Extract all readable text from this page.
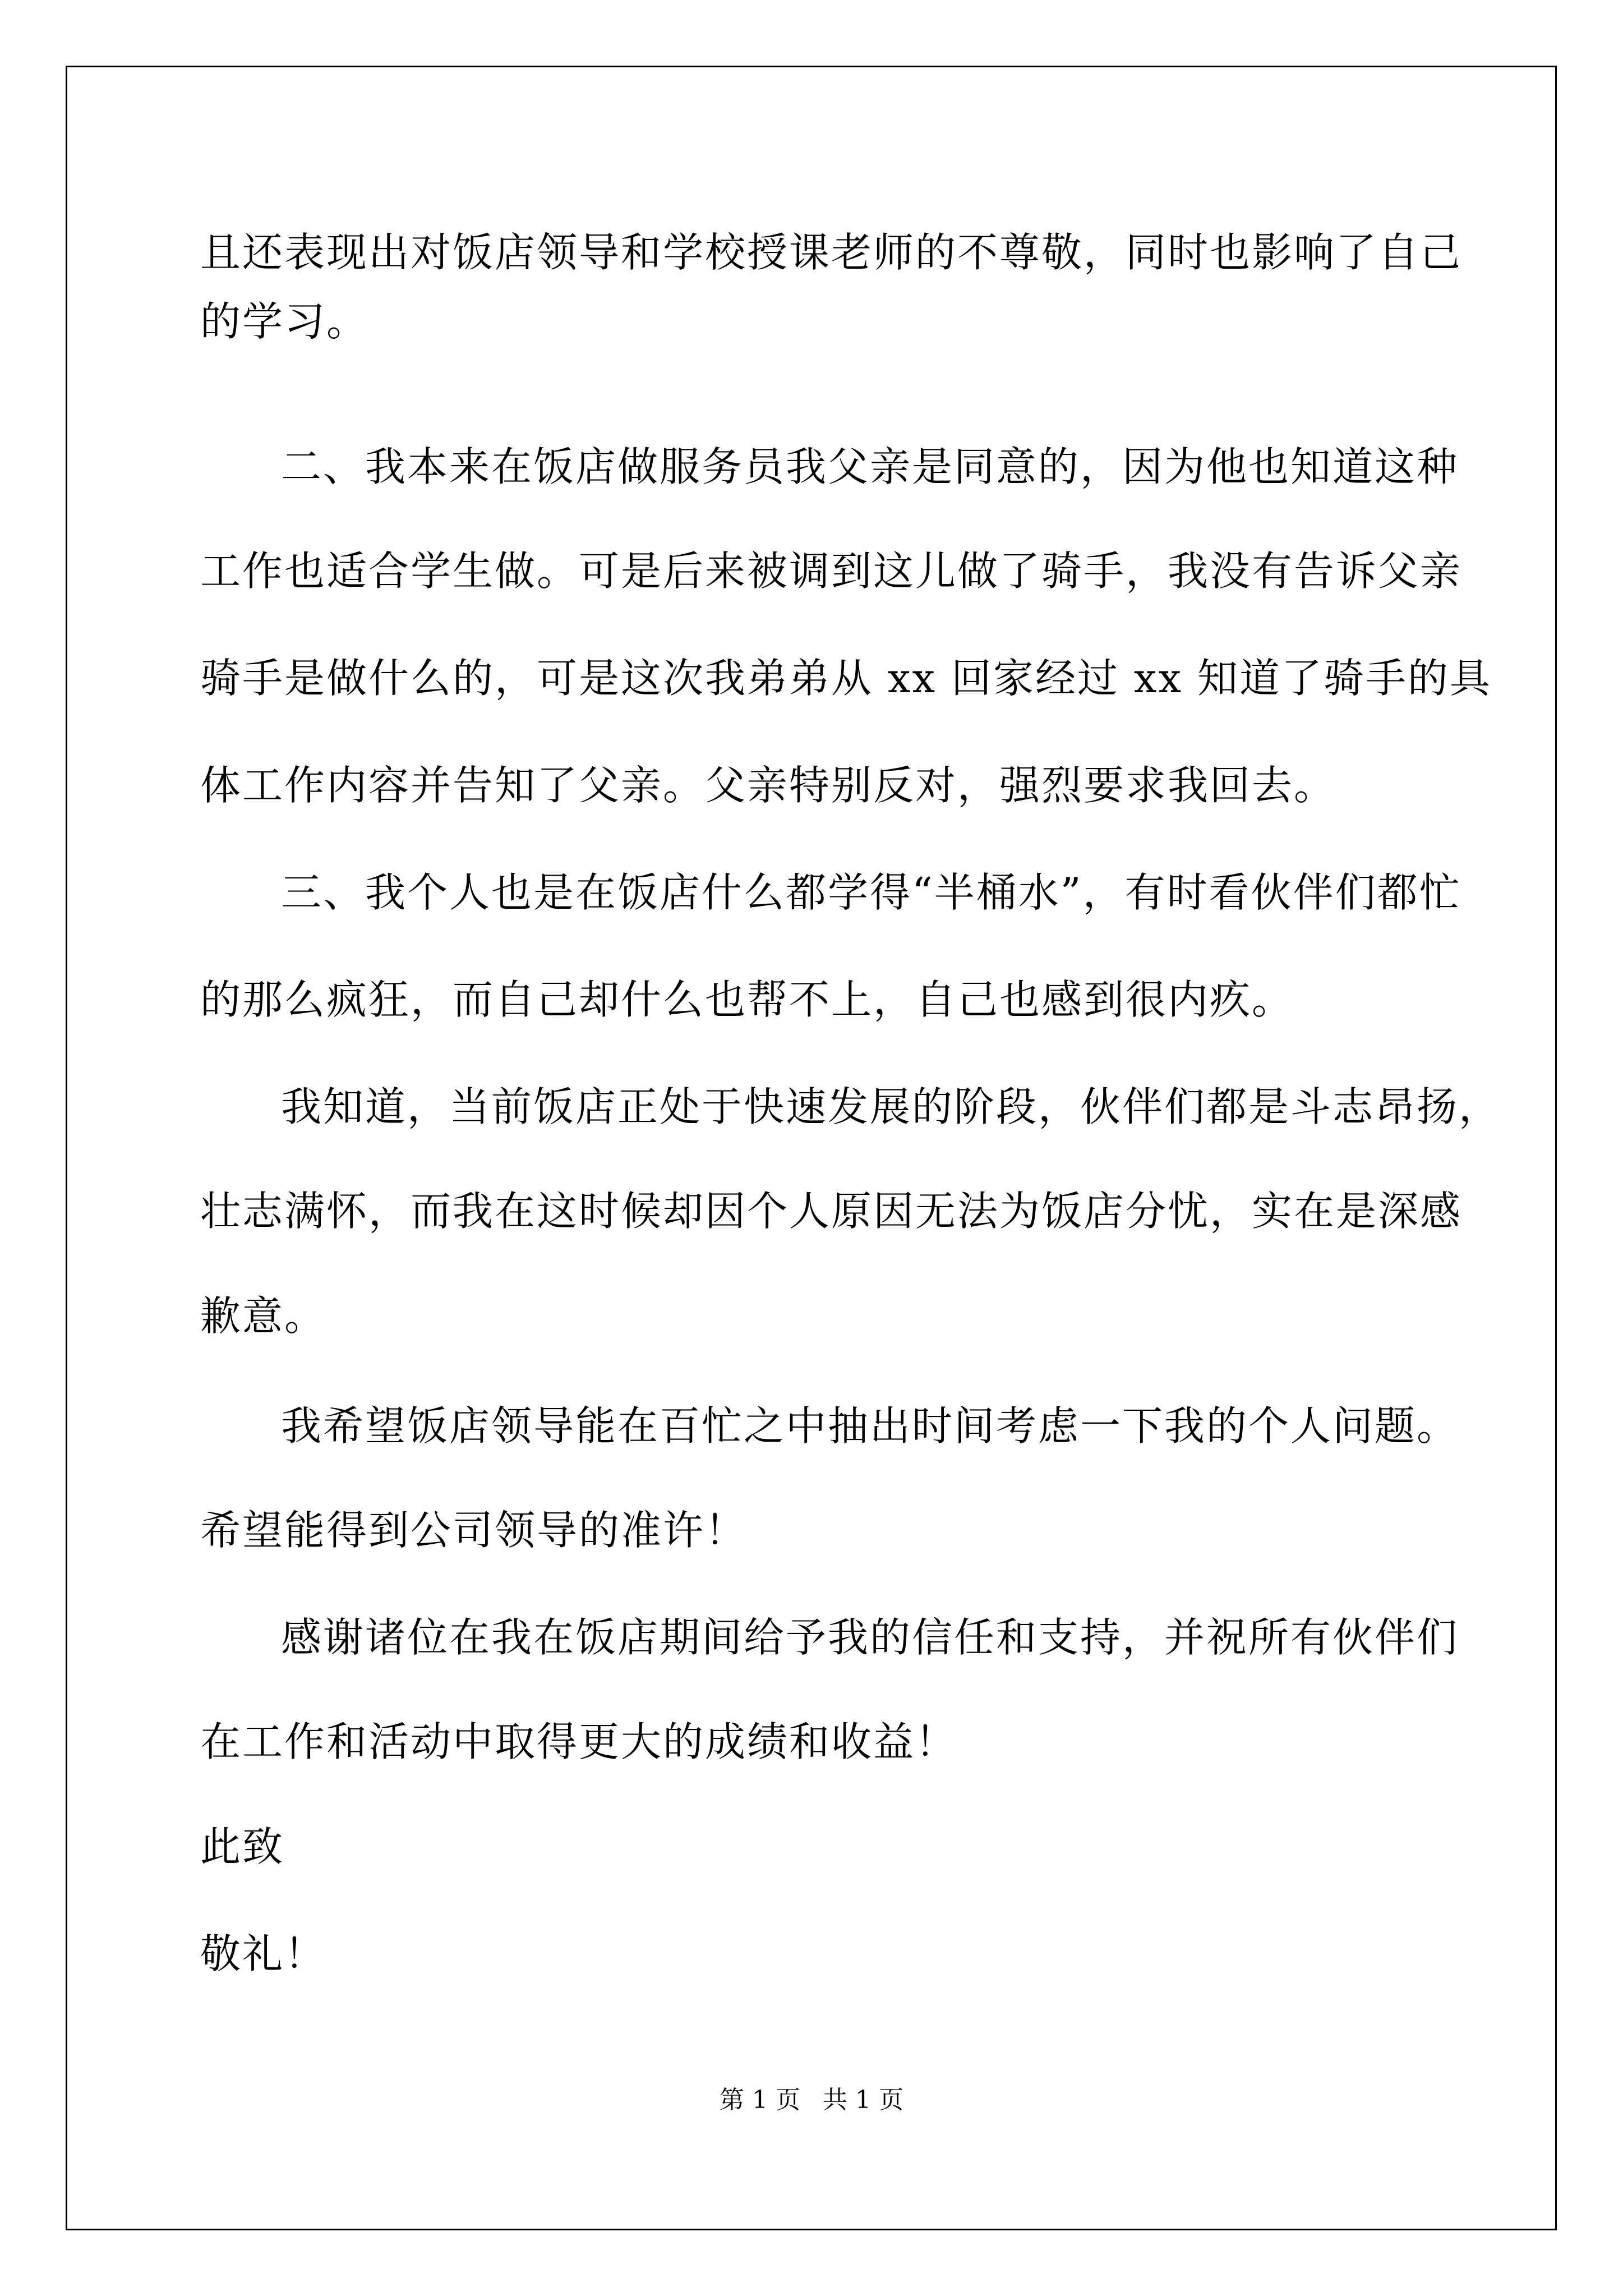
且还表现出对饭店领导和学校授课老师的不尊敬，同时也影响了自己
的学习。
二、我本来在饭店做服务员我父亲是同意的，因为他也知道这种
工作也适合学生做。可是后来被调到这儿做了骑手，我没有告诉父亲
骑手是做什么的，可是这次我弟弟从 xx 回家经过 xx 知道了骑手的具
体工作内容并告知了父亲。父亲特别反对，强烈要求我回去。
三、我个人也是在饭店什么都学得“半桶水”，有时看伙伴们都忙
的那么疯狂，而自己却什么也帮不上，自己也感到很内疚。
我知道，当前饭店正处于快速发展的阶段，伙伴们都是斗志昂扬，
壮志满怀，而我在这时候却因个人原因无法为饭店分忧，实在是深感
歉意。
我希望饭店领导能在百忙之中抽出时间考虑一下我的个人问题。
希望能得到公司领导的准许！
感谢诸位在我在饭店期间给予我的信任和支持，并祝所有伙伴们
在工作和活动中取得更大的成绩和收益！
此致
敬礼！
第 1 页 共 1 页
